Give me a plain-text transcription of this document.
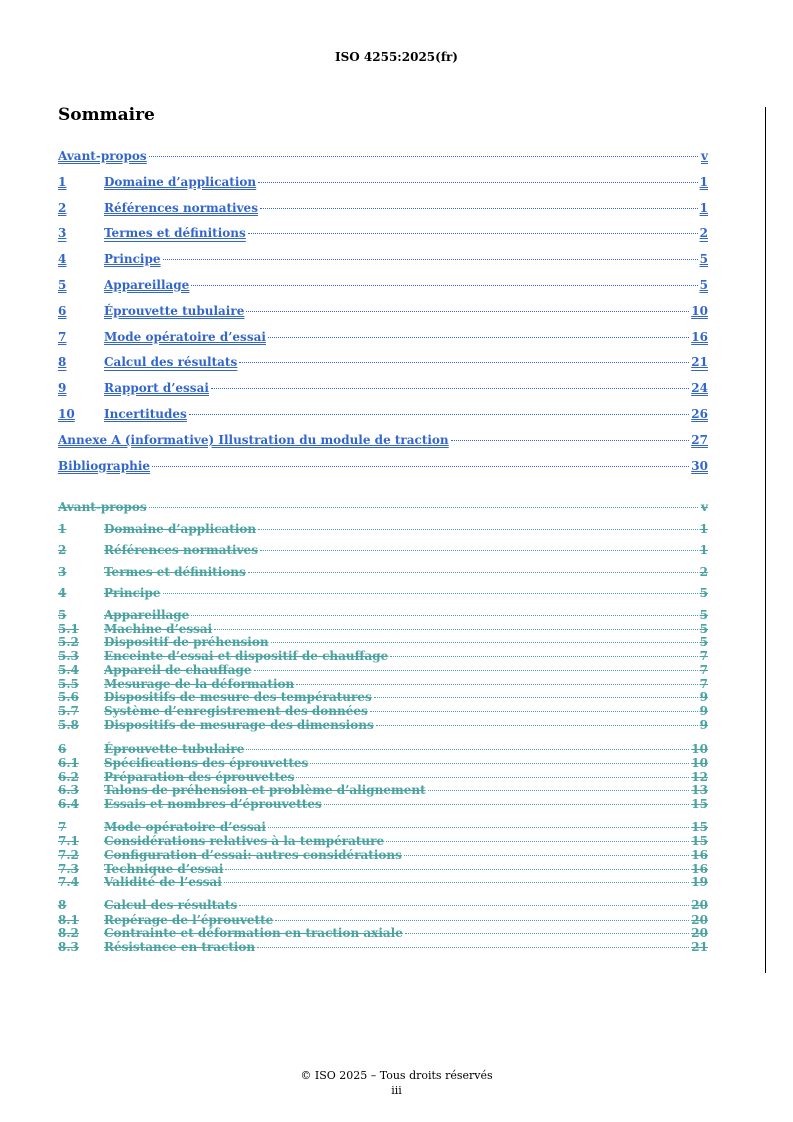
ISO 4255:2025(fr)
Sommaire
Avant-propos	v
1	Domaine d’application	1
2	Références normatives	1
3	Termes et définitions	2
4	Principe	5
5	Appareillage	5
6	Éprouvette tubulaire	10
7	Mode opératoire d’essai	16
8	Calcul des résultats	21
9	Rapport d’essai	24
10	Incertitudes	26
Annexe A (informative) Illustration du module de traction	27
Bibliographie	30
Avant-propos	v
1	Domaine d’application	1
2	Références normatives	1
3	Termes et définitions	2
4	Principe	5
5	Appareillage	5
5.1	Machine d’essai	5
5.2	Dispositif de préhension	5
5.3	Enceinte d’essai et dispositif de chauffage	7
5.4	Appareil de chauffage	7
5.5	Mesurage de la déformation	7
5.6	Dispositifs de mesure des températures	9
5.7	Système d’enregistrement des données	9
5.8	Dispositifs de mesurage des dimensions	9
6	Éprouvette tubulaire	10
6.1	Spécifications des éprouvettes	10
6.2	Préparation des éprouvettes	12
6.3	Talons de préhension et problème d’alignement	13
6.4	Essais et nombres d’éprouvettes	15
7	Mode opératoire d’essai	15
7.1	Considérations relatives à la température	15
7.2	Configuration d’essai: autres considérations	16
7.3	Technique d’essai	16
7.4	Validité de l’essai	19
8	Calcul des résultats	20
8.1	Repérage de l’éprouvette	20
8.2	Contrainte et déformation en traction axiale	20
8.3	Résistance en traction	21
© ISO 2025 – Tous droits réservés
iii
